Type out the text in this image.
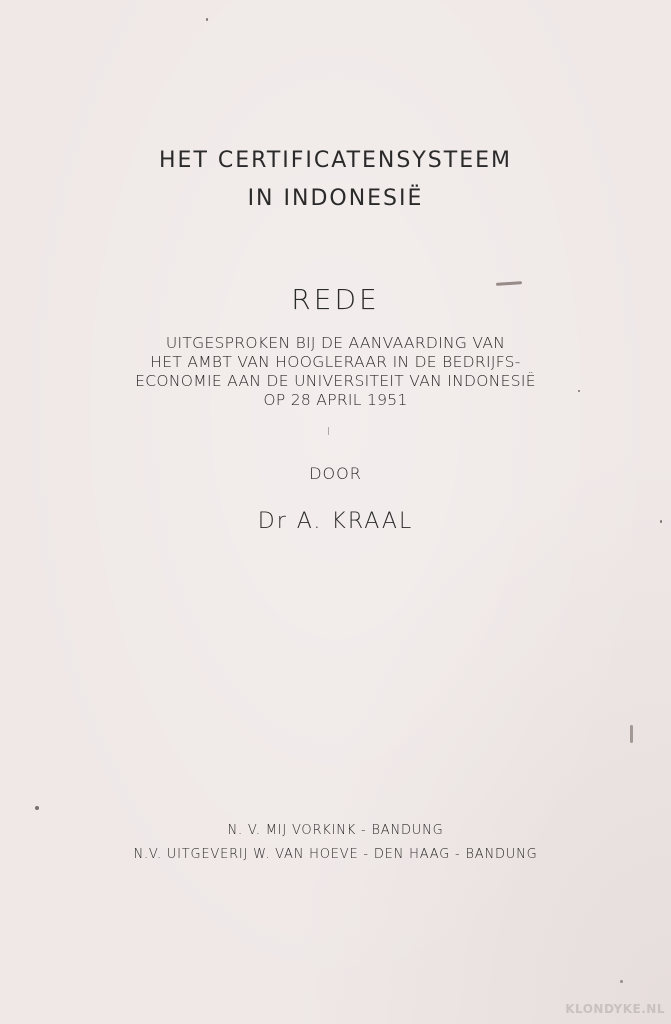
HET CERTIFICATENSYSTEEM
IN INDONESIË
REDE
UITGESPROKEN BIJ DE AANVAARDING VAN
HET AMBT VAN HOOGLERAAR IN DE BEDRIJFS-
ECONOMIE AAN DE UNIVERSITEIT VAN INDONESIË
OP 28 APRIL 1951
DOOR
Dr A. KRAAL
N. V. MIJ VORKINK - BANDUNG
N.V. UITGEVERIJ W. VAN HOEVE - DEN HAAG - BANDUNG
KLONDYKE.NL
